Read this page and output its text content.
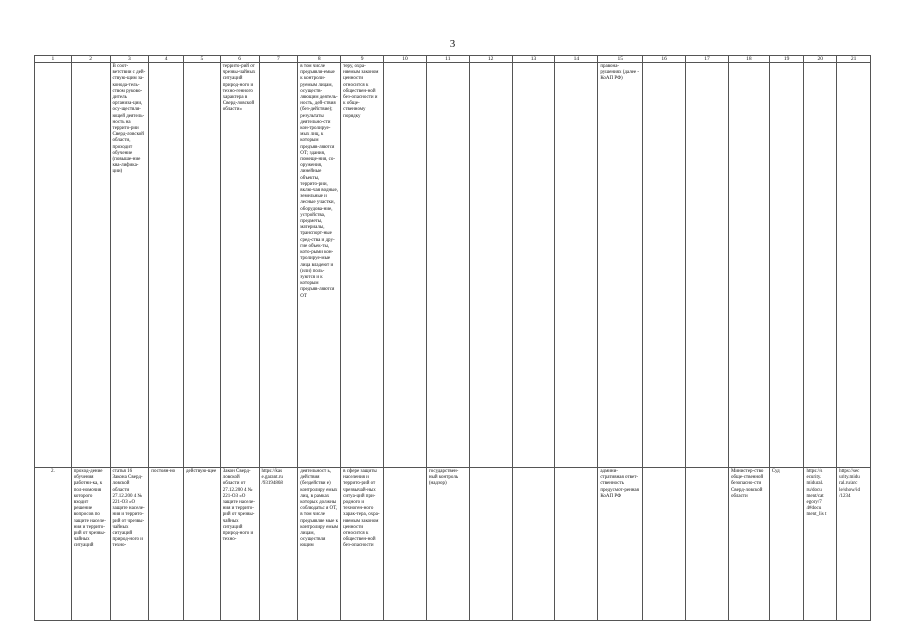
3
1	2	3	4	5	6	7	8	9	10	11	12	13	14	15	16	17	18	19	20	21
		В соот-ветствии с дей-ствую-щим за-конода-тель-ством руково-дитель организа-ции, осу-ществля-ющей деятель-ность на террито-рии Сверд-ловской области, проходит обучение (повыше-ние ква-лифика-ции)			террито-рий от чрезвы-чайных ситуаций природ-ного и техно-генного характера в Сверд-ловской области»		в том числе предъявля-емые к контроли-руемым лицам, осуществ-ляющим деятель-ность, дей-ствия (без-действие); результаты деятельно-сти кон-тролируе-мых лиц, к которым предъяв-ляются ОТ; здания, помеще-ния, со-оружения, линейные объекты, террито-рии, вклю-чая водные, земельные и лесные участки, оборудова-ние, устройства, предметы, материалы, транспорт-ные сред-ства и дру-гие объек-ты, кото-рыми кон-тролируе-мые лица владеют и (или) поль-зуются и к которым предъяв-ляются ОТ	теру, охра-няемым законом ценности относится к обществен-ной без-опасности и к обще-ственному порядку						правона-рушениях (далее - КоАП РФ)						
2.	проход-дение обучения работни-ка, к пол-номочия которого входит решение вопросов по защите населе-ния и террито-рий от чрезвы-чайных ситуаций	статья 16 Закона Сверд-ловской области 27.12.200 4 № 221-ОЗ «О защите населе-ния и террито-рий от чрезвы-чайных ситуаций природ-ного и техно-	постоян-но	действую-щее	Закон Сверд-ловской области от 27.12.200 4 № 221-ОЗ «О защите населе-ния и террито-рий от чрезвы-чайных ситуаций природ-ного и техно-	https://kas e.garant.ru /93194868	деятельност ь, действия (бездействи е) контролиру емых лиц, в рамках которых должны соблюдатьс я ОТ, в том числе предъявляе мые к контролиру емым лицам, осуществля ющим	в сфере защиты населения и террито-рий от чрезвычай-ных ситуа-ций при-родного и техноген-ного харак-тера, охра-няемым законом ценности относится к обществен-ной без-опасности		государствен-ный контроль (надзор)				админи-стративная ответ-ственность предусмот-ренная КоАП РФ			Министер-ство обще-ственной безопасно-сти Сверд-ловской области	Суд	https://s ecurity. midural. ru/docu ment/cat egory/7 4#docu ment_lis t	https://sec urity.midu ral.ru/arc le/show/id /1234
